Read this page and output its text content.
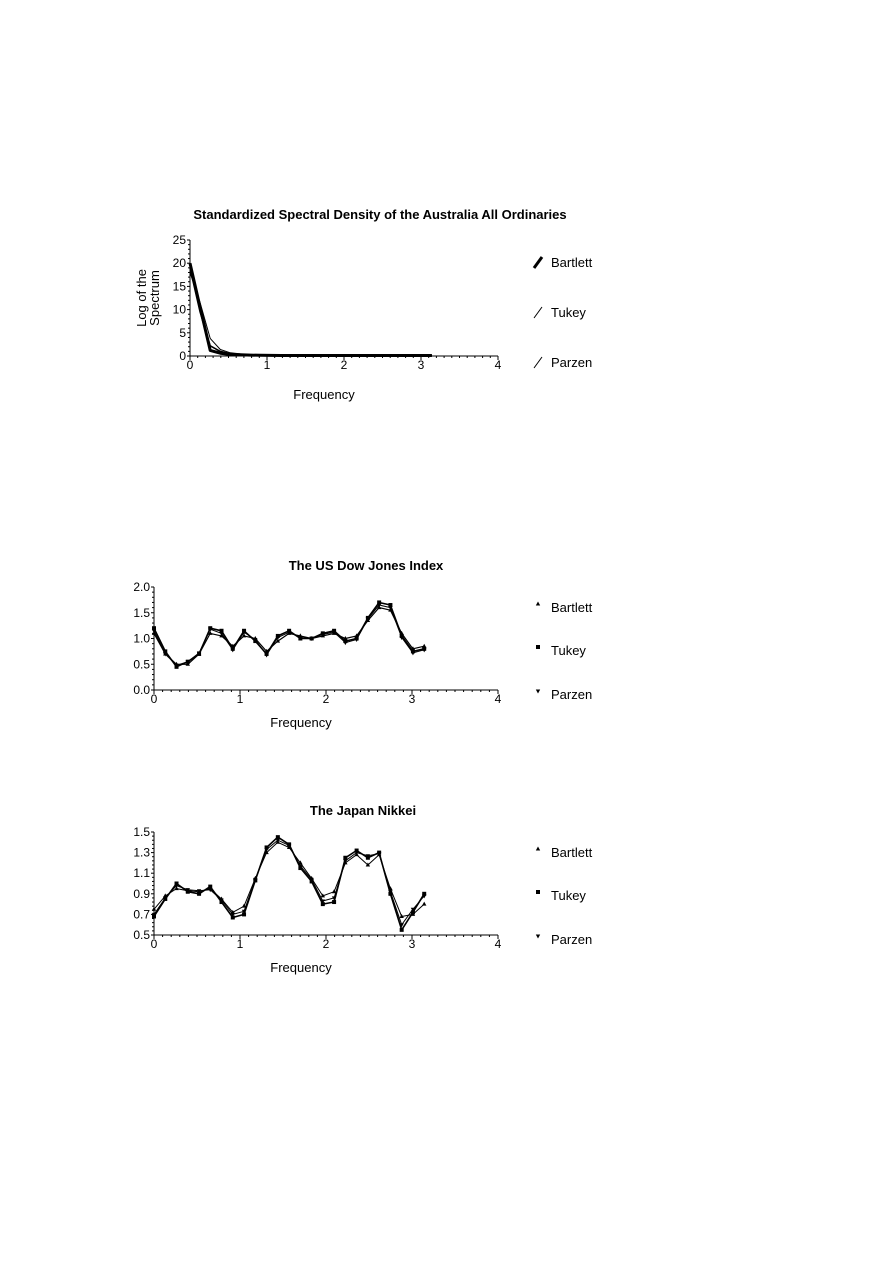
Standardized Spectral Density of the Australia All Ordinaries
0
5
10
15
20
25
0	1	2	3	4
Frequency
Log of theSpectrum
Bartlett
Tukey
Parzen
The US Dow Jones Index
0.0
0.5
1.0
1.5
2.0
0	1	2	3	4
Frequency
Bartlett
Tukey
Parzen
The Japan Nikkei
0.5
0.7
0.9
1.1
1.3
1.5
0	1	2	3	4
Frequency
Bartlett
Tukey
Parzen
